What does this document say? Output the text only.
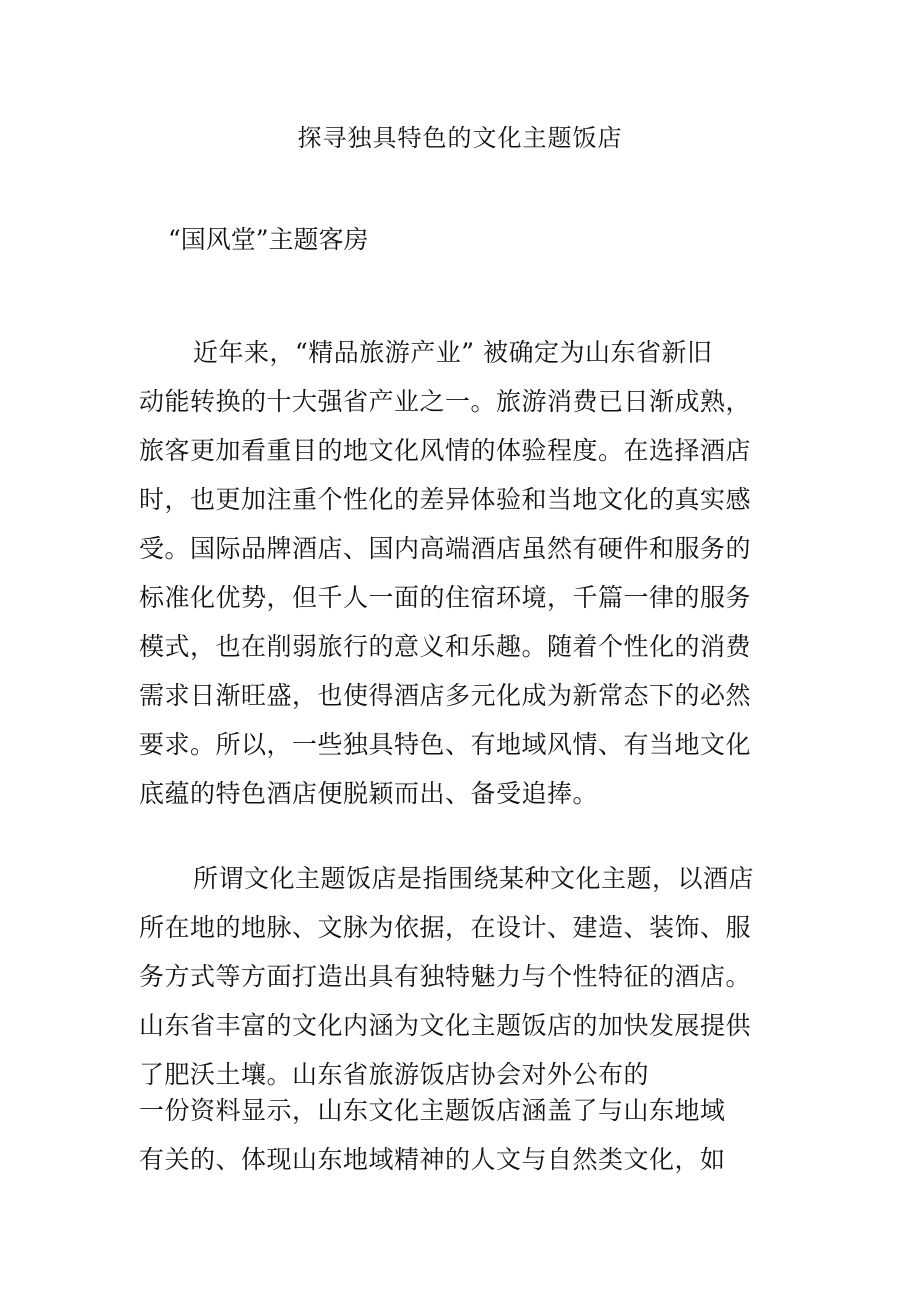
探寻独具特色的文化主题饭店
“国风堂”主题客房
近年来，“精品旅游产业” 被确定为山东省新旧
动能转换的十大强省产业之一。旅游消费已日渐成熟，
旅客更加看重目的地文化风情的体验程度。在选择酒店
时，也更加注重个性化的差异体验和当地文化的真实感
受。国际品牌酒店、国内高端酒店虽然有硬件和服务的
标准化优势，但千人一面的住宿环境，千篇一律的服务
模式，也在削弱旅行的意义和乐趣。随着个性化的消费
需求日渐旺盛，也使得酒店多元化成为新常态下的必然
要求。所以，一些独具特色、有地域风情、有当地文化
底蕴的特色酒店便脱颖而出、备受追捧。
所谓文化主题饭店是指围绕某种文化主题，以酒店
所在地的地脉、文脉为依据，在设计、建造、装饰、服
务方式等方面打造出具有独特魅力与个性特征的酒店。
山东省丰富的文化内涵为文化主题饭店的加快发展提供
了肥沃土壤。山东省旅游饭店协会对外公布的
一份资料显示，山东文化主题饭店涵盖了与山东地域
有关的、体现山东地域精神的人文与自然类文化，如
